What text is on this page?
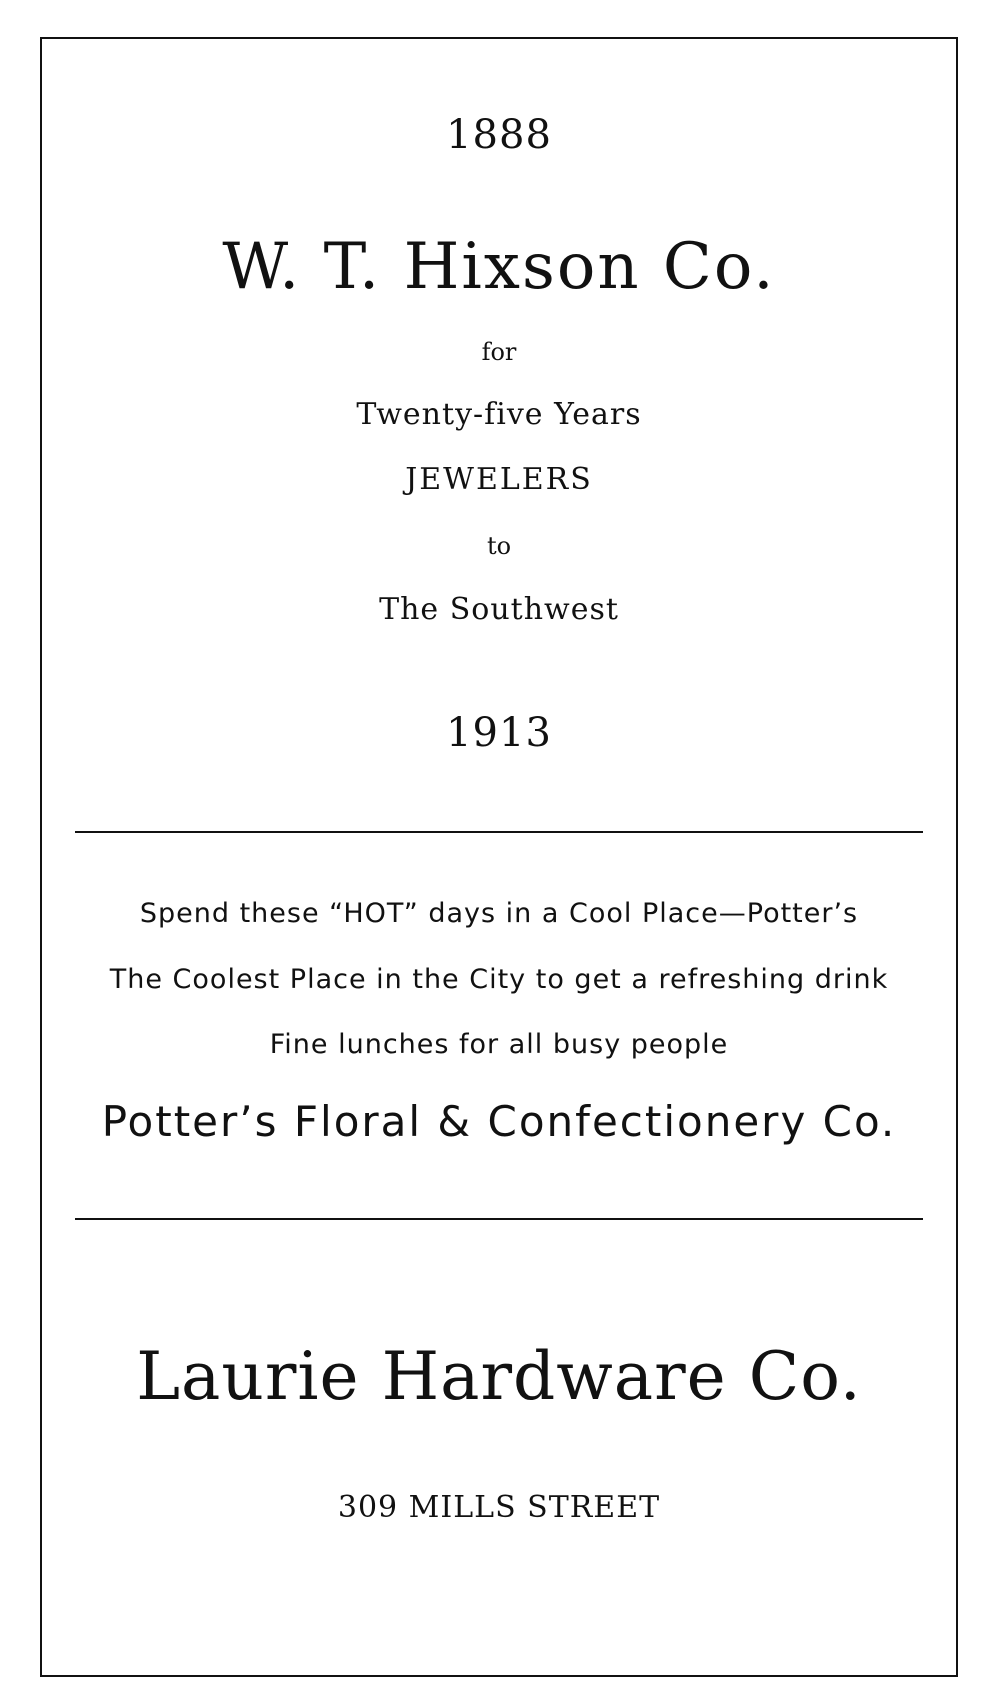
1888
W. T. Hixson Co.
for
Twenty-five Years
JEWELERS
to
The Southwest
1913
Spend these “HOT” days in a Cool Place—Potter’s
The Coolest Place in the City to get a refreshing drink
Fine lunches for all busy people
Potter’s Floral & Confectionery Co.
Laurie Hardware Co.
309 MILLS STREET
